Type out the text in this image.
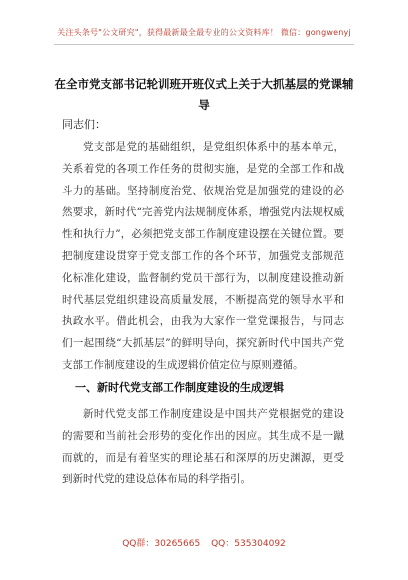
关注头条号"公文研究"，获得最新最全最专业的公文资料库！ 微信：gongwenyj
在全市党支部书记轮训班开班仪式上关于大抓基层的党课辅导
同志们：

党支部是党的基础组织，是党组织体系中的基本单元，关系着党的各项工作任务的贯彻实施，是党的全部工作和战斗力的基础。坚持制度治党、依规治党是加强党的建设的必然要求，新时代“完善党内法规制度体系，增强党内法规权威性和执行力”，必须把党支部工作制度建设摆在关键位置。要把制度建设贯穿于党支部工作的各个环节，加强党支部规范化标准化建设，监督制约党员干部行为，以制度建设推动新时代基层党组织建设高质量发展，不断提高党的领导水平和执政水平。借此机会，由我为大家作一堂党课报告，与同志们一起围绕“大抓基层”的鲜明导向，探究新时代中国共产党支部工作制度建设的生成逻辑价值定位与原则遵循。

一、新时代党支部工作制度建设的生成逻辑

新时代党支部工作制度建设是中国共产党根据党的建设的需要和当前社会形势的变化作出的因应。其生成不是一蹴而就的，而是有着坚实的理论基石和深厚的历史渊源，更受到新时代党的建设总体布局的科学指引。

QQ群：30265665 QQ：535304092
